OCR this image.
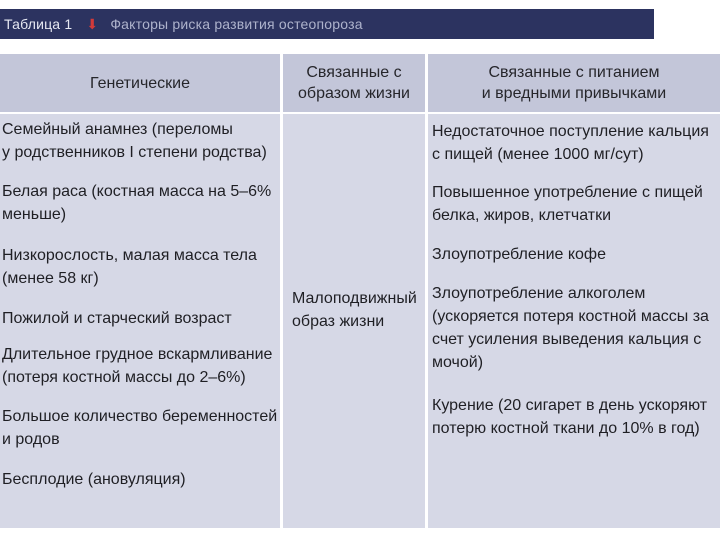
Таблица 1 ⬇ Факторы риска развития остеопороза
Генетические
Связанные с
образом жизни
Связанные с питанием
и вредными привычками
Семейный анамнез (переломы
у родственников I степени родства)
Белая раса (костная масса на 5–6%
меньше)
Низкорослость, малая масса тела
(менее 58 кг)
Пожилой и старческий возраст
Длительное грудное вскармливание
(потеря костной массы до 2–6%)
Большое количество беременностей
и родов
Бесплодие (ановуляция)
Малоподвижный
образ жизни
Недостаточное поступление кальция
с пищей (менее 1000 мг/сут)
Повышенное употребление с пищей
белка, жиров, клетчатки
Злоупотребление кофе
Злоупотребление алкоголем
(ускоряется потеря костной массы за
счет усиления выведения кальция с
мочой)
Курение (20 сигарет в день ускоряют
потерю костной ткани до 10% в год)
